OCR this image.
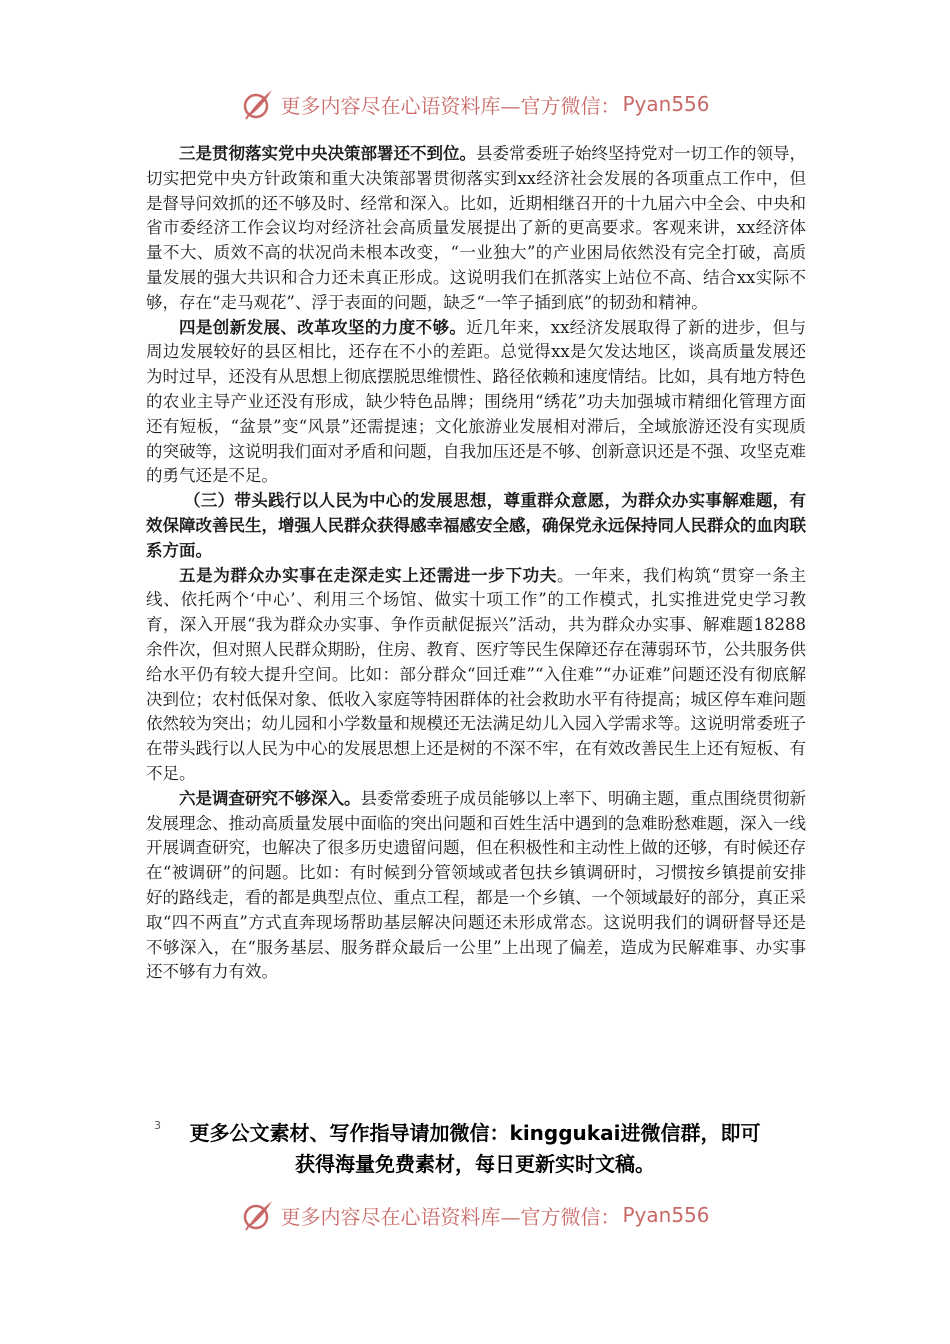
更多内容尽在心语资料库—官方微信： Pyan556

三是贯彻落实党中央决策部署还不到位。县委常委班子始终坚持党对一切工作的领导，切实把党中央方针政策和重大决策部署贯彻落实到xx经济社会发展的各项重点工作中，但是督导问效抓的还不够及时、经常和深入。比如，近期相继召开的十九届六中全会、中央和省市委经济工作会议均对经济社会高质量发展提出了新的更高要求。客观来讲，xx经济体量不大、质效不高的状况尚未根本改变，“一业独大”的产业困局依然没有完全打破，高质量发展的强大共识和合力还未真正形成。这说明我们在抓落实上站位不高、结合xx实际不够，存在“走马观花”、浮于表面的问题，缺乏“一竿子插到底”的韧劲和精神。

四是创新发展、改革攻坚的力度不够。近几年来，xx经济发展取得了新的进步，但与周边发展较好的县区相比，还存在不小的差距。总觉得xx是欠发达地区，谈高质量发展还为时过早，还没有从思想上彻底摆脱思维惯性、路径依赖和速度情结。比如，具有地方特色的农业主导产业还没有形成，缺少特色品牌；围绕用“绣花”功夫加强城市精细化管理方面还有短板，“盆景”变“风景”还需提速；文化旅游业发展相对滞后，全域旅游还没有实现质的突破等，这说明我们面对矛盾和问题，自我加压还是不够、创新意识还是不强、攻坚克难的勇气还是不足。

（三）带头践行以人民为中心的发展思想，尊重群众意愿，为群众办实事解难题，有效保障改善民生，增强人民群众获得感幸福感安全感，确保党永远保持同人民群众的血肉联系方面。

五是为群众办实事在走深走实上还需进一步下功夫。一年来，我们构筑“贯穿一条主线、依托两个‘中心’、利用三个场馆、做实十项工作”的工作模式，扎实推进党史学习教育，深入开展“我为群众办实事、争作贡献促振兴”活动，共为群众办实事、解难题18288余件次，但对照人民群众期盼，住房、教育、医疗等民生保障还存在薄弱环节，公共服务供给水平仍有较大提升空间。比如：部分群众“回迁难”“入住难”“办证难”问题还没有彻底解决到位；农村低保对象、低收入家庭等特困群体的社会救助水平有待提高；城区停车难问题依然较为突出；幼儿园和小学数量和规模还无法满足幼儿入园入学需求等。这说明常委班子在带头践行以人民为中心的发展思想上还是树的不深不牢，在有效改善民生上还有短板、有不足。

六是调查研究不够深入。县委常委班子成员能够以上率下、明确主题，重点围绕贯彻新发展理念、推动高质量发展中面临的突出问题和百姓生活中遇到的急难盼愁难题，深入一线开展调查研究，也解决了很多历史遗留问题，但在积极性和主动性上做的还够，有时候还存在“被调研”的问题。比如：有时候到分管领域或者包扶乡镇调研时，习惯按乡镇提前安排好的路线走，看的都是典型点位、重点工程，都是一个乡镇、一个领域最好的部分，真正采取“四不两直”方式直奔现场帮助基层解决问题还未形成常态。这说明我们的调研督导还是不够深入，在“服务基层、服务群众最后一公里”上出现了偏差，造成为民解难事、办实事还不够有力有效。

3	更多公文素材、写作指导请加微信：kinggukai进微信群，即可
获得海量免费素材，每日更新实时文稿。
更多内容尽在心语资料库—官方微信： Pyan556
